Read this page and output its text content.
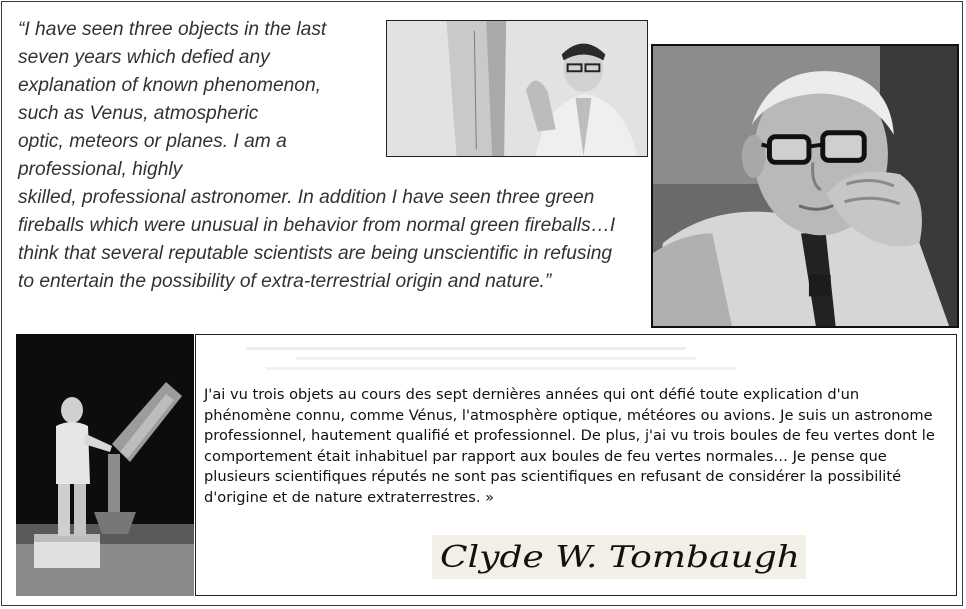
“I have seen three objects in the last
seven years which defied any
explanation of known phenomenon,
such as Venus, atmospheric
optic, meteors or planes. I am a
professional, highly
skilled, professional astronomer. In addition I have seen three green fireballs which were unusual in behavior from normal green fireballs…I think that several reputable scientists are being unscientific in refusing to entertain the possibility of extra-terrestrial origin and nature.”

J'ai vu trois objets au cours des sept dernières années qui ont défié toute explication d'un phénomène connu, comme Vénus, l'atmosphère optique, météores ou avions. Je suis un astronome professionnel, hautement qualifié et professionnel. De plus, j'ai vu trois boules de feu vertes dont le comportement était inhabituel par rapport aux boules de feu vertes normales… Je pense que plusieurs scientifiques réputés ne sont pas scientifiques en refusant de considérer la possibilité d'origine et de nature extraterrestres. »

Clyde W. Tombaugh
